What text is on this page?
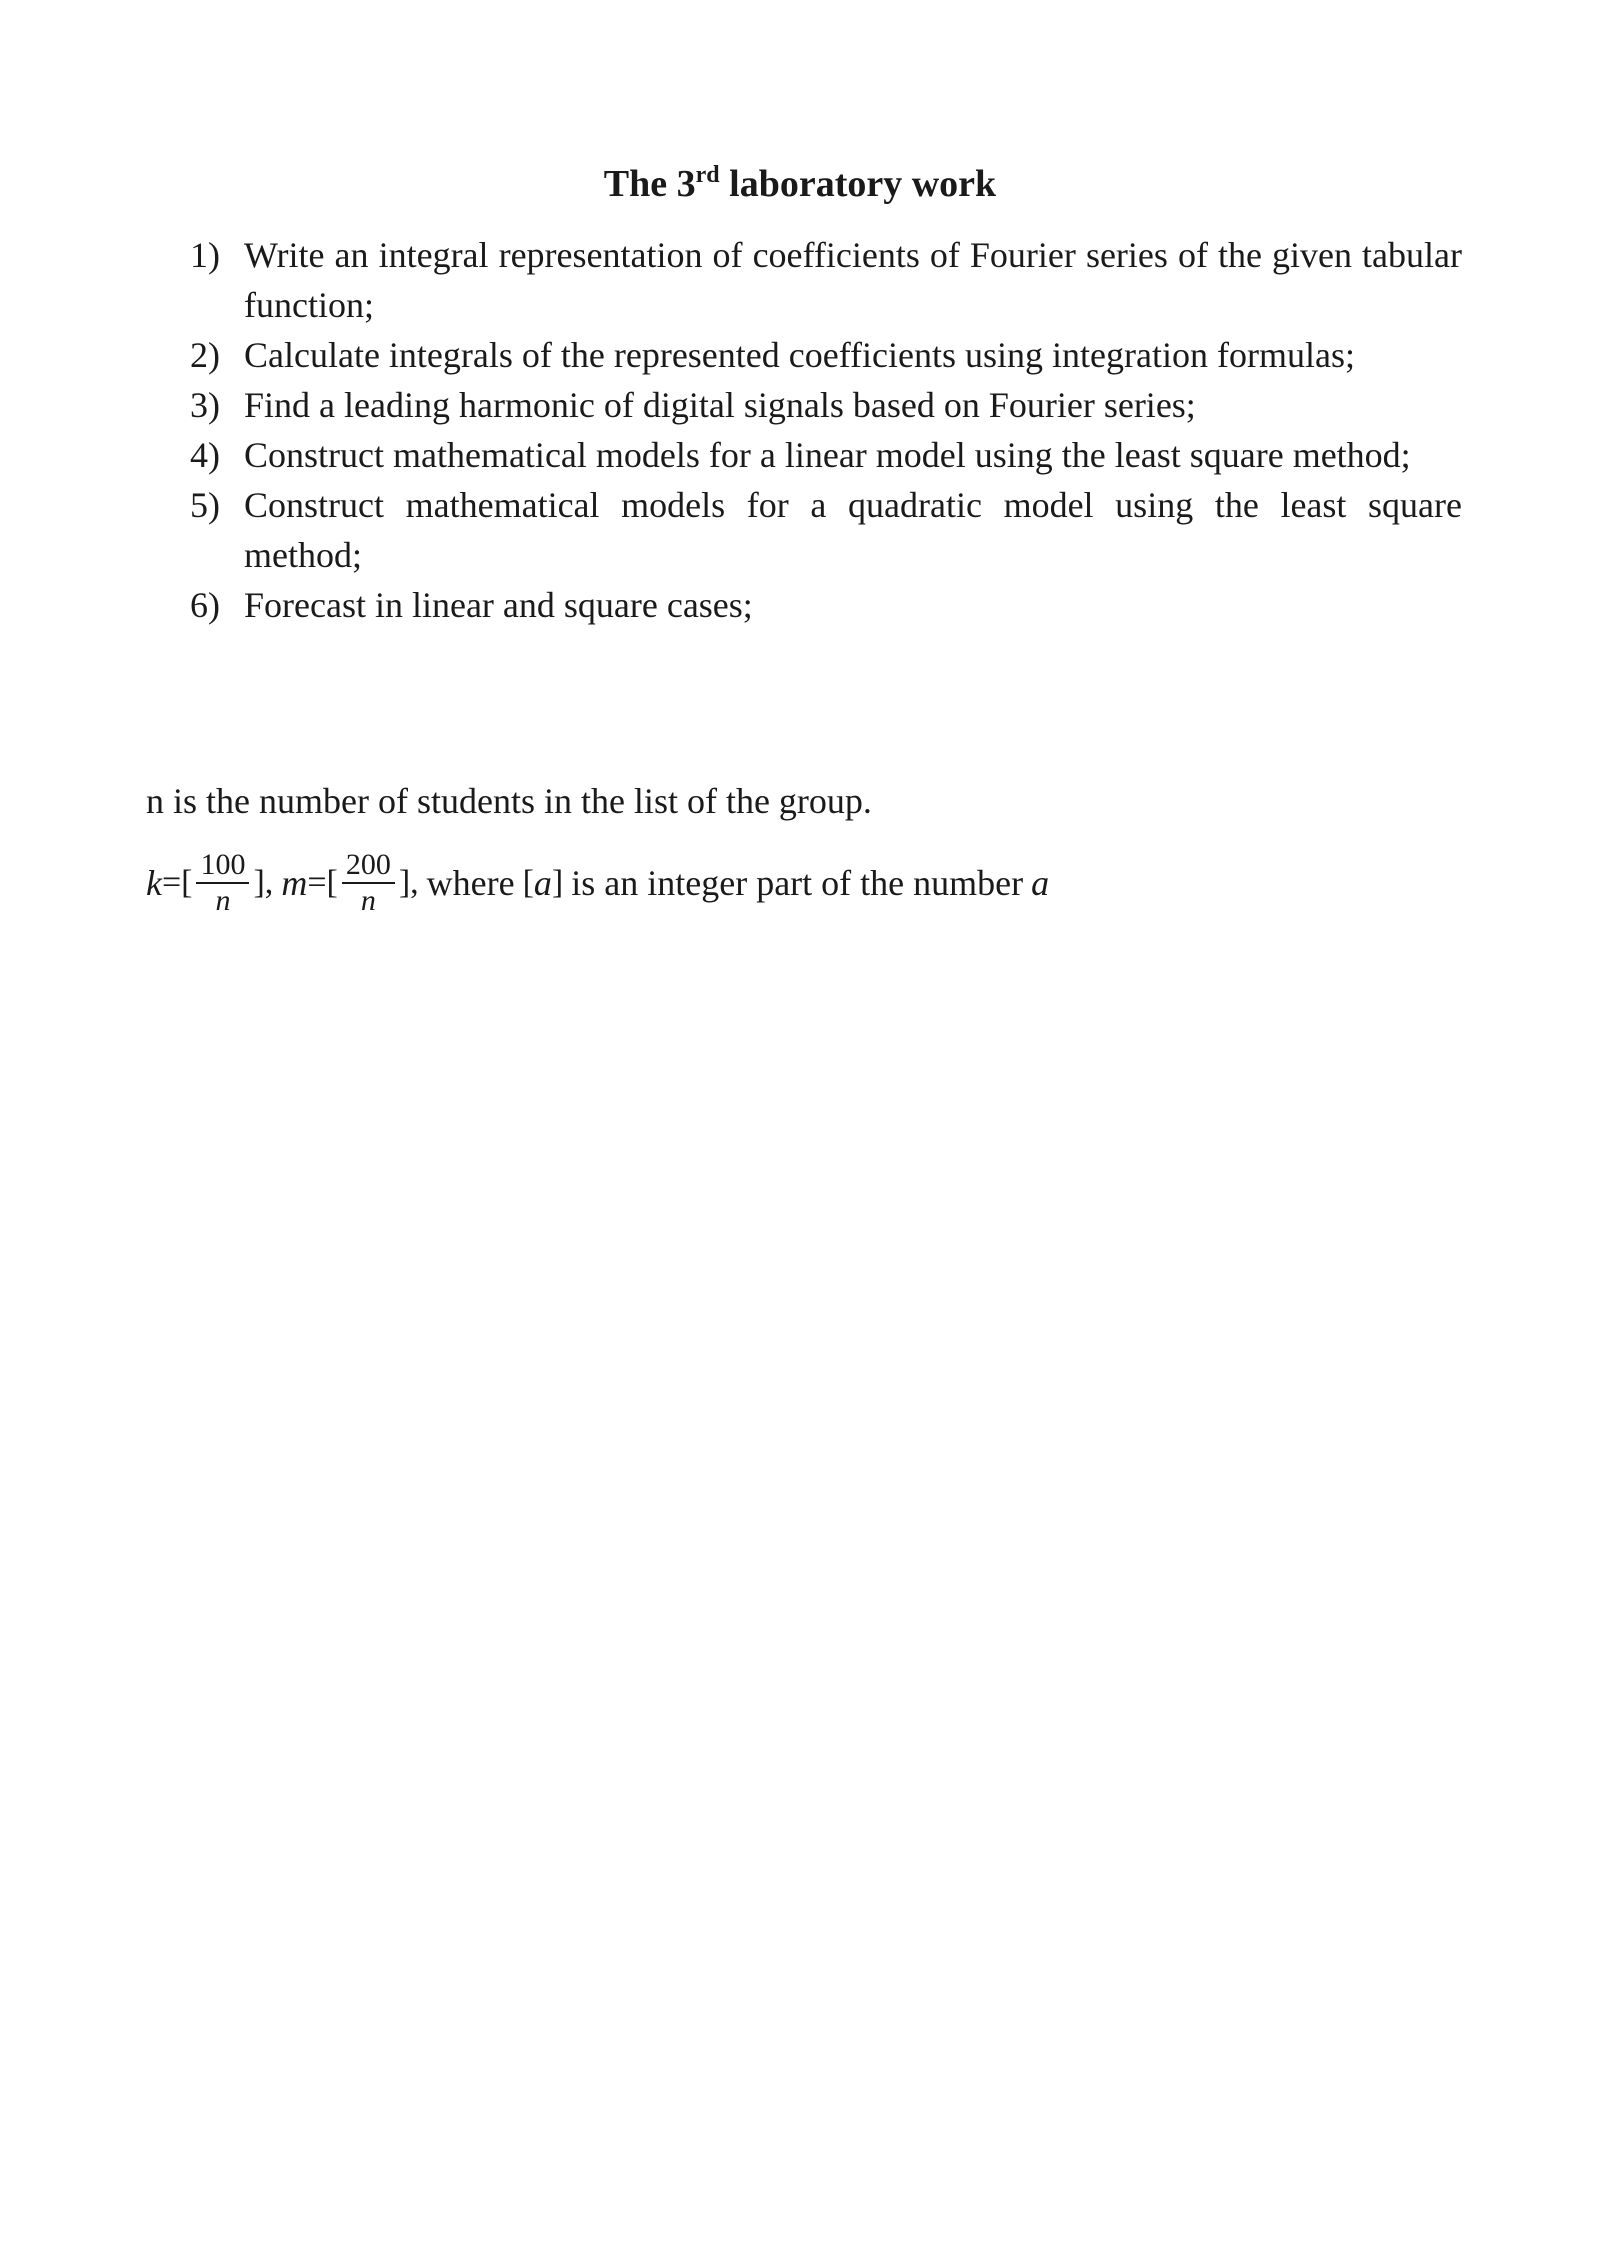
The 3rd laboratory work
1) Write an integral representation of coefficients of Fourier series of the given tabular function;
2) Calculate integrals of the represented coefficients using integration formulas;
3) Find a leading harmonic of digital signals based on Fourier series;
4) Construct mathematical models for a linear model using the least square method;
5) Construct mathematical models for a quadratic model using the least square method;
6) Forecast in linear and square cases;
n is the number of students in the list of the group.
k =[ $\frac{100}{n}$ ], m =[ $\frac{200}{n}$ ], where [ a ] is an integer part of the number a
